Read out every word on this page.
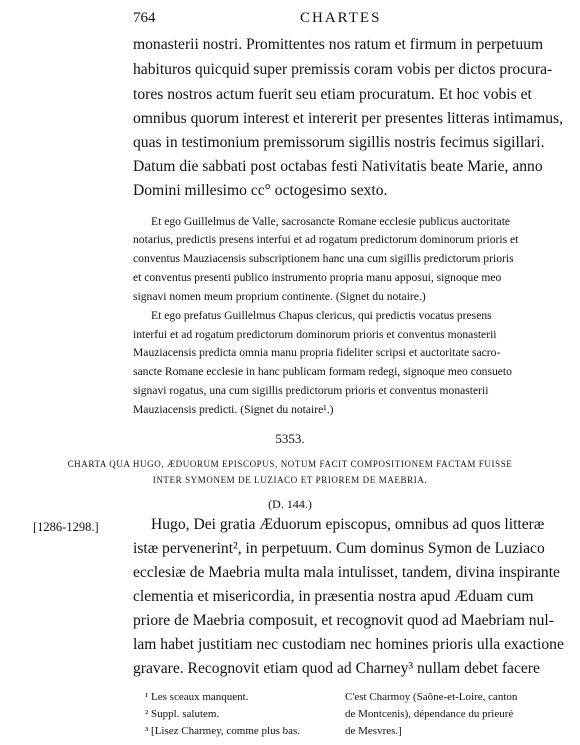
764	CHARTES
monasterii nostri. Promittentes nos ratum et firmum in perpetuum
habituros quicquid super premissis coram vobis per dictos procura-
tores nostros actum fuerit seu etiam procuratum. Et hoc vobis et
omnibus quorum interest et intererit per presentes litteras intimamus,
quas in testimonium premissorum sigillis nostris fecimus sigillari.
Datum die sabbati post octabas festi Nativitatis beate Marie, anno
Domini millesimo cc° octogesimo sexto.
Et ego Guillelmus de Valle, sacrosancte Romane ecclesie publicus auctoritate
notarius, predictis presens interfui et ad rogatum predictorum dominorum prioris et
conventus Mauziacensis subscriptionem hanc una cum sigillis predictorum prioris
et conventus presenti publico instrumento propria manu apposui, signoque meo
signavi nomen meum proprium continente. (Signet du notaire.)
Et ego prefatus Guillelmus Chapus clericus, qui predictis vocatus presens
interfui et ad rogatum predictorum dominorum prioris et conventus monasterii
Mauziacensis predicta omnia manu propria fideliter scripsi et auctoritate sacro-
sancte Romane ecclesie in hanc publicam formam redegi, signoque meo consueto
signavi rogatus, una cum sigillis predictorum prioris et conventus monasterii
Mauziacensis predicti. (Signet du notaire¹.)
5353.
CHARTA QUA HUGO, ÆDUORUM EPISCOPUS, NOTUM FACIT COMPOSITIONEM FACTAM FUISSE
INTER SYMONEM DE LUZIACO ET PRIOREM DE MAEBRIA.
(D. 144.)
[1286-1298.]	Hugo, Dei gratia Æduorum episcopus, omnibus ad quos litteræ
istæ pervenerint², in perpetuum. Cum dominus Symon de Luziaco
ecclesiæ de Maebria multa mala intulisset, tandem, divina inspirante
clementia et misericordia, in præsentia nostra apud Æduam cum
priore de Maebria composuit, et recognovit quod ad Maebriam nul-
lam habet justitiam nec custodiam nec homines prioris ulla exactione
gravare. Recognovit etiam quod ad Charney³ nullam debet facere
¹ Les sceaux manquent.
² Suppl. salutem.
³ [Lisez Charmey, comme plus bas.
C'est Charmoy (Saône-et-Loire, canton
de Montcenis), dépendance du prieuré
de Mesvres.]
